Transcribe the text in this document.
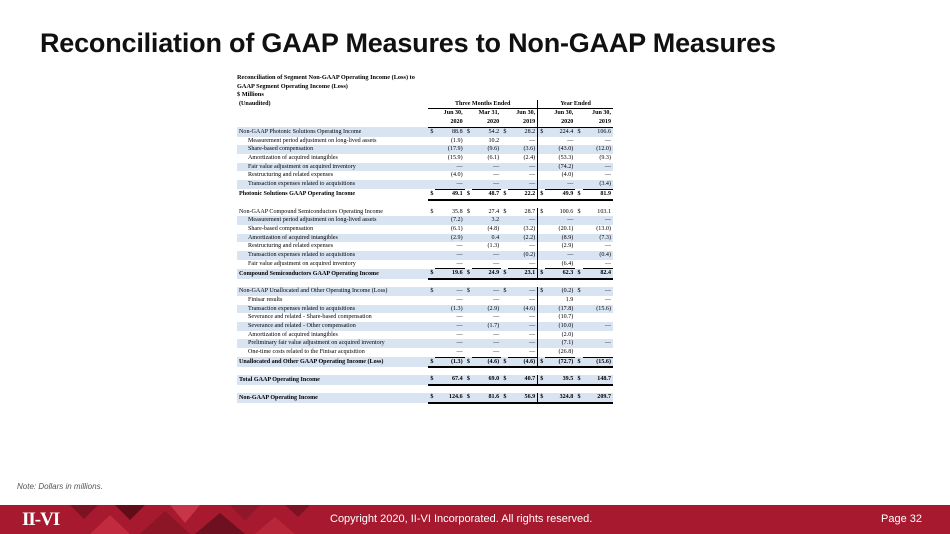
Reconciliation of GAAP Measures to Non-GAAP Measures
Reconciliation of Segment Non-GAAP Operating Income (Loss) to
GAAP Segment Operating Income (Loss)
$ Millions
(Unaudited)	Three Months Ended						Year Ended			
	Jun 30,		Mar 31,		Jun 30,		Jun 30,		Jun 30,	
	2020		2020		2019		2020		2019	
Non-GAAP Photonic Solutions Operating Income	$	88.8	$	54.2	$	28.2	$	224.4	$	106.6
Measurement period adjustment on long-lived assets		(1.9)		10.2		—		—		—
Share-based compensation		(17.9)		(9.6)		(3.6)		(43.0)		(12.0)
Amortization of acquired intangibles		(15.9)		(6.1)		(2.4)		(53.3)		(9.3)
Fair value adjustment on acquired inventory		—		—		—		(74.2)		—
Restructuring and related expenses		(4.0)		—		—		(4.0)		—
Transaction expenses related to acquisitions		—		—		—		—		(3.4)
Photonic Solutions GAAP Operating Income	$	49.1	$	48.7	$	22.2	$	49.9	$	81.9

Non-GAAP Compound Semiconductors Operating Income	$	35.8	$	27.4	$	28.7	$	100.6	$	103.1
Measurement period adjustment on long-lived assets		(7.2)		3.2		—		—		—
Share-based compensation		(6.1)		(4.8)		(3.2)		(20.1)		(13.0)
Amortization of acquired intangibles		(2.9)		0.4		(2.2)		(8.9)		(7.3)
Restructuring and related expenses		—		(1.3)		—		(2.9)		—
Transaction expenses related to acquisitions		—		—		(0.2)		—		(0.4)
Fair value adjustment on acquired inventory		—		—		—		(6.4)		—
Compound Semiconductors GAAP Operating Income	$	19.6	$	24.9	$	23.1	$	62.3	$	82.4

Non-GAAP Unallocated and Other Operating Income (Loss)	$	—	$	—	$	—	$	(0.2)	$	—
Finisar results		—		—		—		1.9		—
Transaction expenses related to acquisitions		(1.3)		(2.9)		(4.6)		(17.8)		(15.6)
Severance and related - Share-based compensation		—		—		—		(10.7)		
Severance and related - Other compensation		—		(1.7)		—		(10.0)		—
Amortization of acquired intangibles		—		—		—		(2.0)		
Preliminary fair value adjustment on acquired inventory		—		—		—		(7.1)		—
One-time costs related to the Finisar acquisition		—		—		—		(26.8)		
Unallocated and Other GAAP Operating Income (Loss)	$	(1.3)	$	(4.6)	$	(4.6)	$	(72.7)	$	(15.6)

Total GAAP Operating Income	$	67.4	$	69.0	$	40.7	$	39.5	$	148.7

Non-GAAP Operating Income	$	124.6	$	81.6	$	56.9	$	324.8	$	209.7
Note: Dollars in millions.
II-VI	Copyright 2020, II-VI Incorporated. All rights reserved.	Page 32
